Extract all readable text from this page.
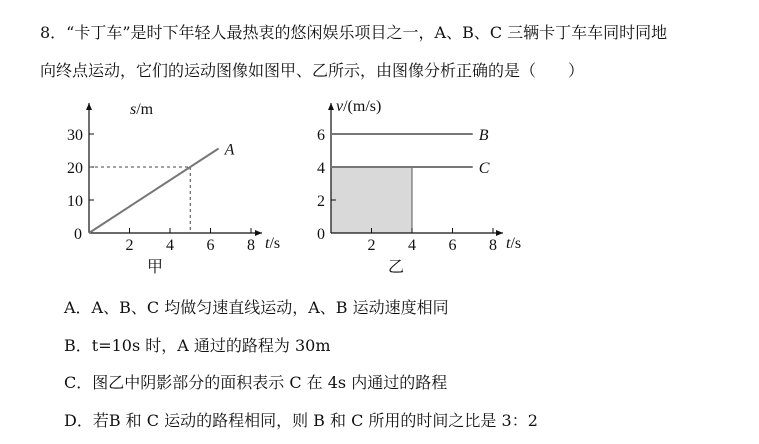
8．“卡丁车”是时下年轻人最热衷的悠闲娱乐项目之一，A、B、C 三辆卡丁车车同时同地
向终点运动，它们的运动图像如图甲、乙所示，由图像分析正确的是（　　）
2 4 6 8
10
20
30
A
s/m
t/s
0
甲
2 4 6 8
2
4
6	B
C
v/(m/s)
t/s
0
乙
A．A、B、C 均做匀速直线运动，A、B 运动速度相同
B．t=10s 时，A 通过的路程为 30m
C．图乙中阴影部分的面积表示 C 在 4s 内通过的路程
D．若B 和 C 运动的路程相同，则 B 和 C 所用的时间之比是 3：2
